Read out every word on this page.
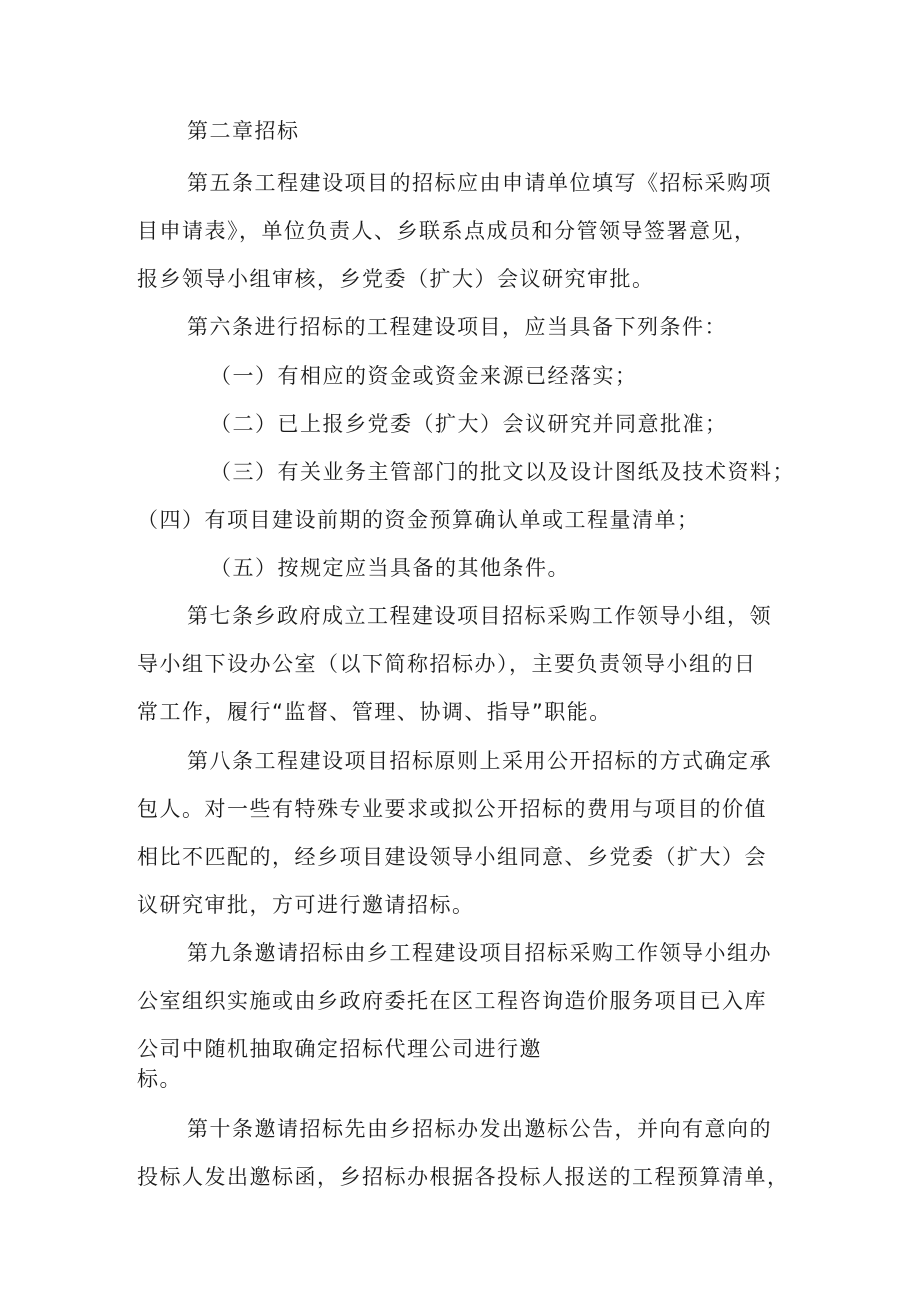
第二章招标

第五条工程建设项目的招标应由申请单位填写《招标采购项

目申请表》，单位负责人、乡联系点成员和分管领导签署意见，

报乡领导小组审核，乡党委（扩大）会议研究审批。

第六条进行招标的工程建设项目，应当具备下列条件：

（一）有相应的资金或资金来源已经落实；

（二）已上报乡党委（扩大）会议研究并同意批准；

（三）有关业务主管部门的批文以及设计图纸及技术资料；

（四）有项目建设前期的资金预算确认单或工程量清单；

（五）按规定应当具备的其他条件。

第七条乡政府成立工程建设项目招标采购工作领导小组，领

导小组下设办公室（以下简称招标办），主要负责领导小组的日

常工作，履行“监督、管理、协调、指导”职能。

第八条工程建设项目招标原则上采用公开招标的方式确定承

包人。对一些有特殊专业要求或拟公开招标的费用与项目的价值

相比不匹配的，经乡项目建设领导小组同意、乡党委（扩大）会

议研究审批，方可进行邀请招标。

第九条邀请招标由乡工程建设项目招标采购工作领导小组办

公室组织实施或由乡政府委托在区工程咨询造价服务项目已入库

公司中随机抽取确定招标代理公司进行邀

标。

第十条邀请招标先由乡招标办发出邀标公告，并向有意向的

投标人发出邀标函，乡招标办根据各投标人报送的工程预算清单，
